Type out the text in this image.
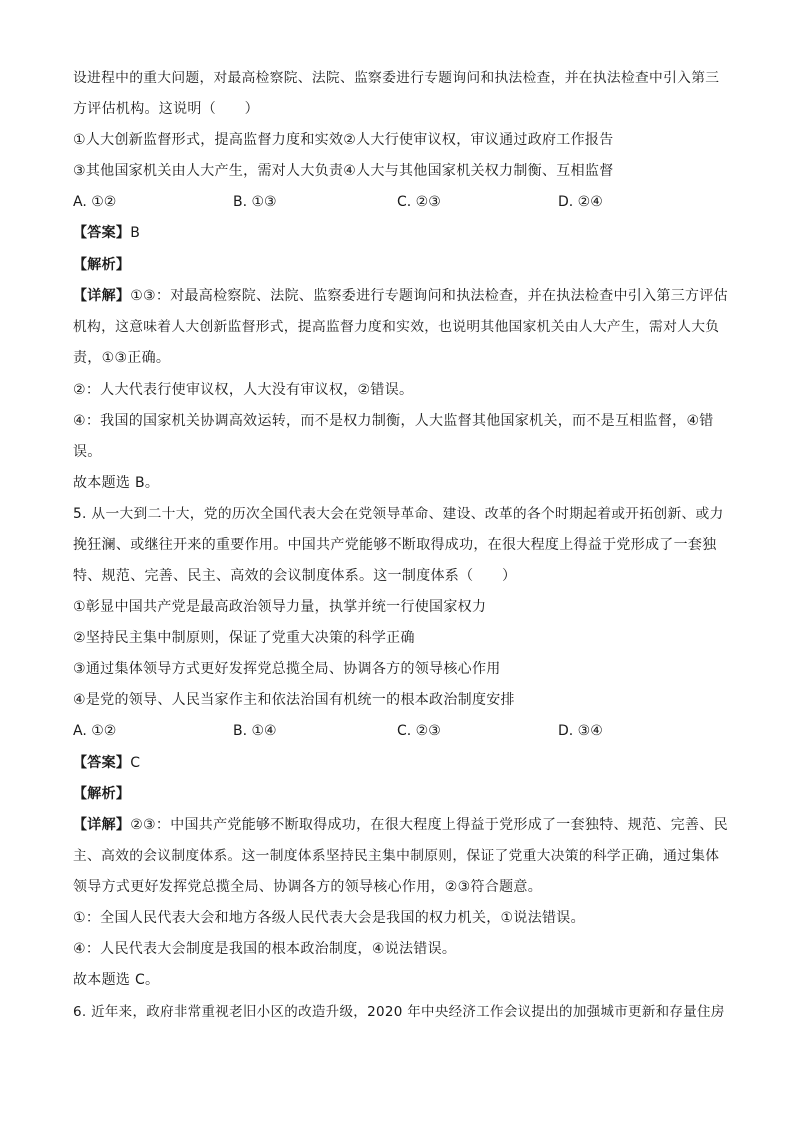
设进程中的重大问题，对最高检察院、法院、监察委进行专题询问和执法检查，并在执法检查中引入第三
方评估机构。这说明（　　）
①人大创新监督形式，提高监督力度和实效②人大行使审议权，审议通过政府工作报告
③其他国家机关由人大产生，需对人大负责④人大与其他国家机关权力制衡、互相监督
A. ①②	B. ①③	C. ②③	D. ②④
【答案】B
【解析】
【详解】①③：对最高检察院、法院、监察委进行专题询问和执法检查，并在执法检查中引入第三方评估
机构，这意味着人大创新监督形式，提高监督力度和实效，也说明其他国家机关由人大产生，需对人大负
责，①③正确。
②：人大代表行使审议权，人大没有审议权，②错误。
④：我国的国家机关协调高效运转，而不是权力制衡，人大监督其他国家机关，而不是互相监督，④错
误。
故本题选 B。
5. 从一大到二十大，党的历次全国代表大会在党领导革命、建设、改革的各个时期起着或开拓创新、或力
挽狂澜、或继往开来的重要作用。中国共产党能够不断取得成功，在很大程度上得益于党形成了一套独
特、规范、完善、民主、高效的会议制度体系。这一制度体系（　　）
①彰显中国共产党是最高政治领导力量，执掌并统一行使国家权力
②坚持民主集中制原则，保证了党重大决策的科学正确
③通过集体领导方式更好发挥党总揽全局、协调各方的领导核心作用
④是党的领导、人民当家作主和依法治国有机统一的根本政治制度安排
A. ①②	B. ①④	C. ②③	D. ③④
【答案】C
【解析】
【详解】②③：中国共产党能够不断取得成功，在很大程度上得益于党形成了一套独特、规范、完善、民
主、高效的会议制度体系。这一制度体系坚持民主集中制原则，保证了党重大决策的科学正确，通过集体
领导方式更好发挥党总揽全局、协调各方的领导核心作用，②③符合题意。
①：全国人民代表大会和地方各级人民代表大会是我国的权力机关，①说法错误。
④：人民代表大会制度是我国的根本政治制度，④说法错误。
故本题选 C。
6. 近年来，政府非常重视老旧小区的改造升级，2020 年中央经济工作会议提出的加强城市更新和存量住房
